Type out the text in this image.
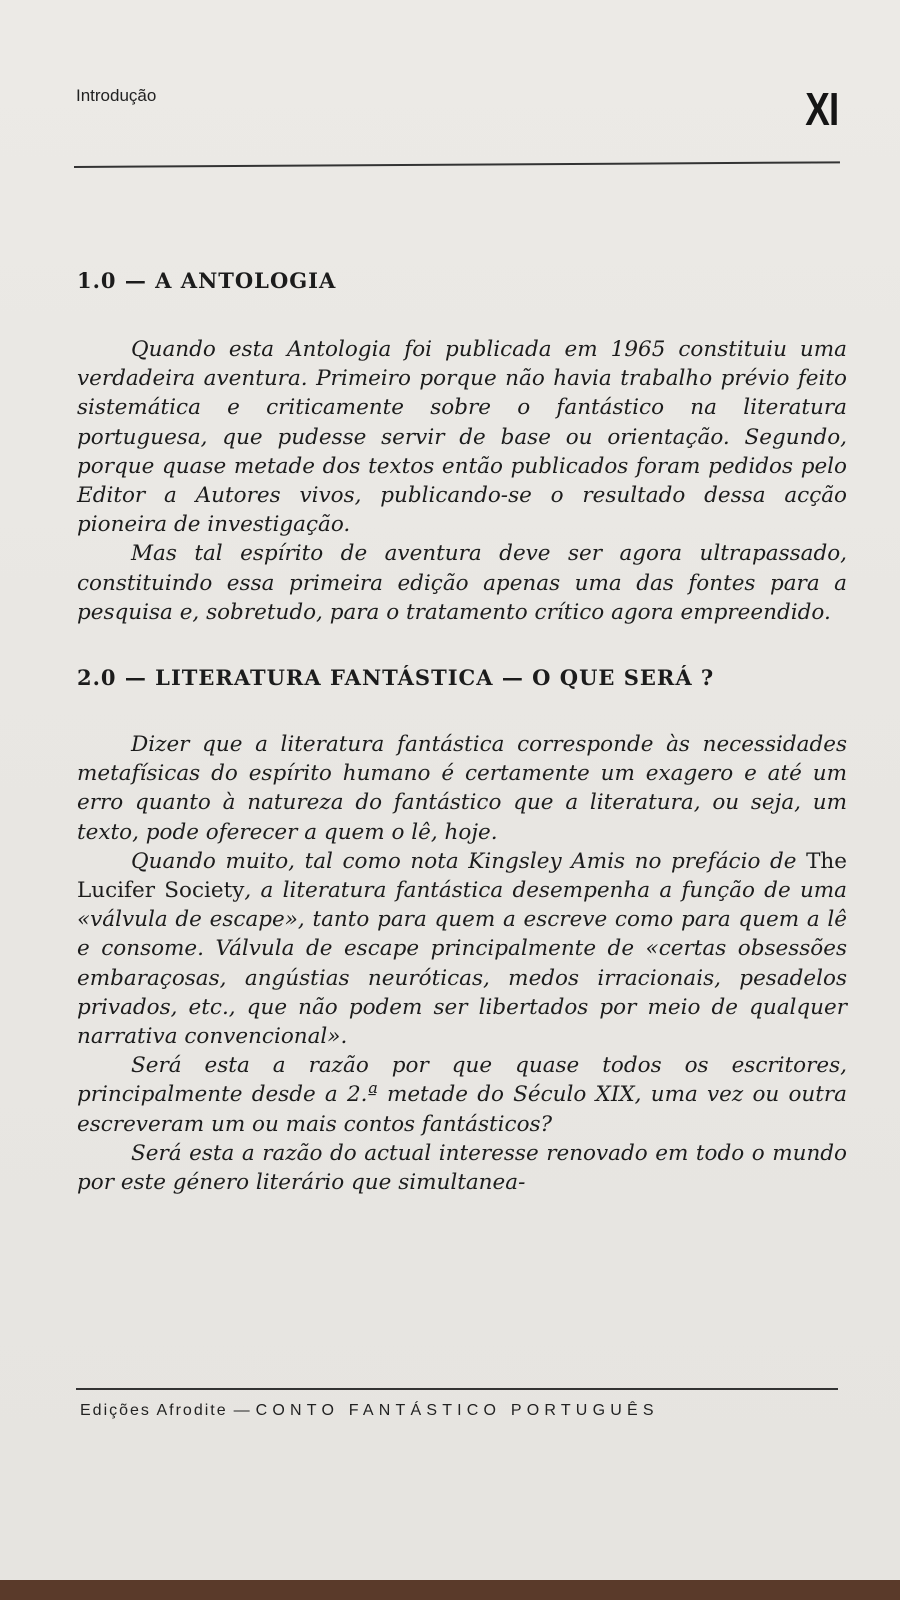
Introdução	XI
1.0 — A ANTOLOGIA

Quando esta Antologia foi publicada em 1965 constituiu uma verdadeira aventura. Primeiro porque não havia trabalho prévio feito sistemática e criticamente sobre o fantástico na literatura portuguesa, que pudesse servir de base ou orientação. Segundo, porque quase metade dos textos então publicados foram pedidos pelo Editor a Autores vivos, publicando-se o resultado dessa acção pioneira de investigação.

Mas tal espírito de aventura deve ser agora ultrapassado, constituindo essa primeira edição apenas uma das fontes para a pesquisa e, sobretudo, para o tratamento crítico agora empreendido.

2.0 — LITERATURA FANTÁSTICA — O QUE SERÁ ?

Dizer que a literatura fantástica corresponde às necessidades metafísicas do espírito humano é certamente um exagero e até um erro quanto à natureza do fantástico que a literatura, ou seja, um texto, pode oferecer a quem o lê, hoje.

Quando muito, tal como nota Kingsley Amis no prefácio de The Lucifer Society, a literatura fantástica desempenha a função de uma «válvula de escape», tanto para quem a escreve como para quem a lê e consome. Válvula de escape principalmente de «certas obsessões embaraçosas, angústias neuróticas, medos irracionais, pesadelos privados, etc., que não podem ser libertados por meio de qualquer narrativa convencional».

Será esta a razão por que quase todos os escritores, principalmente desde a 2.ª metade do Século XIX, uma vez ou outra escreveram um ou mais contos fantásticos?

Será esta a razão do actual interesse renovado em todo o mundo por este género literário que simultanea-

Edições Afrodite — CONTO FANTÁSTICO PORTUGUÊS
